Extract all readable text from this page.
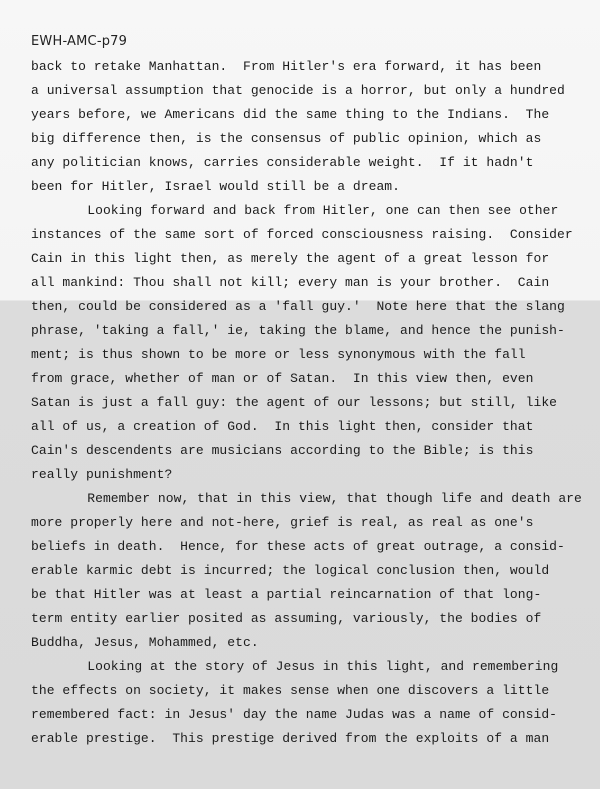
EWH-AMC-p79
back to retake Manhattan.  From Hitler's era forward, it has been
a universal assumption that genocide is a horror, but only a hundred
years before, we Americans did the same thing to the Indians.  The
big difference then, is the consensus of public opinion, which as
any politician knows, carries considerable weight.  If it hadn't
been for Hitler, Israel would still be a dream.
Looking forward and back from Hitler, one can then see other
instances of the same sort of forced consciousness raising.  Consider
Cain in this light then, as merely the agent of a great lesson for
all mankind: Thou shall not kill; every man is your brother.  Cain
then, could be considered as a 'fall guy.'  Note here that the slang
phrase, 'taking a fall,' ie, taking the blame, and hence the punish-
ment; is thus shown to be more or less synonymous with the fall
from grace, whether of man or of Satan.  In this view then, even
Satan is just a fall guy: the agent of our lessons; but still, like
all of us, a creation of God.  In this light then, consider that
Cain's descendents are musicians according to the Bible; is this
really punishment?
Remember now, that in this view, that though life and death are
more properly here and not-here, grief is real, as real as one's
beliefs in death.  Hence, for these acts of great outrage, a consid-
erable karmic debt is incurred; the logical conclusion then, would
be that Hitler was at least a partial reincarnation of that long-
term entity earlier posited as assuming, variously, the bodies of
Buddha, Jesus, Mohammed, etc.
Looking at the story of Jesus in this light, and remembering
the effects on society, it makes sense when one discovers a little
remembered fact: in Jesus' day the name Judas was a name of consid-
erable prestige.  This prestige derived from the exploits of a man
